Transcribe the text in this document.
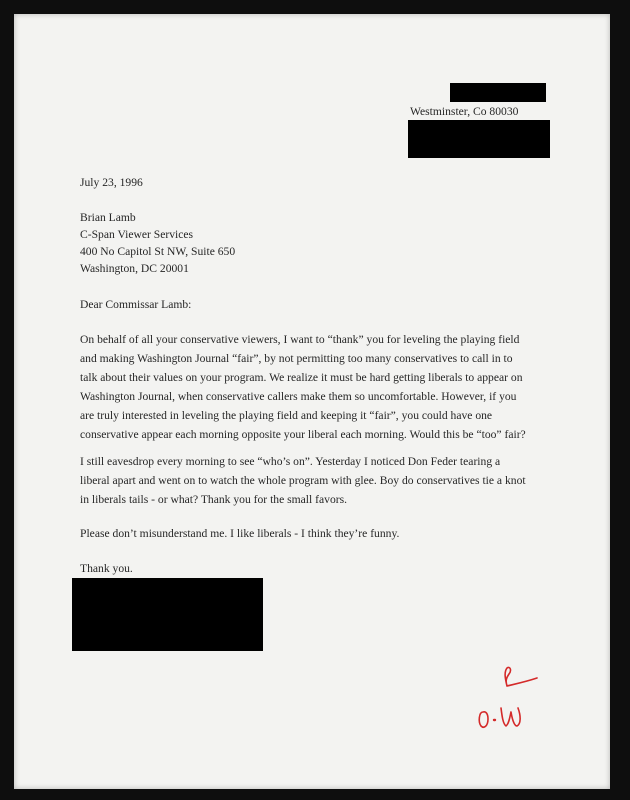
Westminster, Co 80030
July 23, 1996
Brian Lamb
C-Span Viewer Services
400 No Capitol St NW, Suite 650
Washington, DC 20001
Dear Commissar Lamb:
On behalf of all your conservative viewers, I want to “thank” you for leveling the playing field
and making Washington Journal “fair”, by not permitting too many conservatives to call in to
talk about their values on your program. We realize it must be hard getting liberals to appear on
Washington Journal, when conservative callers make them so uncomfortable. However, if you
are truly interested in leveling the playing field and keeping it “fair”, you could have one
conservative appear each morning opposite your liberal each morning. Would this be “too” fair?
I still eavesdrop every morning to see “who’s on”. Yesterday I noticed Don Feder tearing a
liberal apart and went on to watch the whole program with glee. Boy do conservatives tie a knot
in liberals tails - or what? Thank you for the small favors.
Please don’t misunderstand me. I like liberals - I think they’re funny.
Thank you.
